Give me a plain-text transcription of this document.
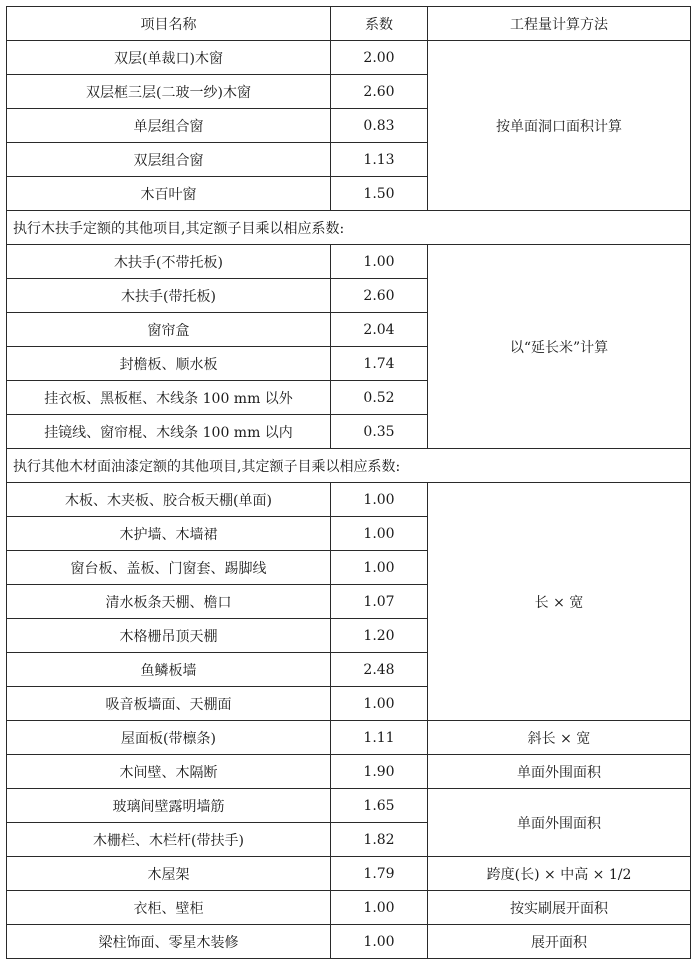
项目名称	系数	工程量计算方法
双层(单裁口)木窗	2.00	按单面洞口面积计算
双层框三层(二玻一纱)木窗	2.60	
单层组合窗	0.83	
双层组合窗	1.13	
木百叶窗	1.50	
执行木扶手定额的其他项目,其定额子目乘以相应系数:		
木扶手(不带托板)	1.00	以“延长米”计算
木扶手(带托板)	2.60	
窗帘盒	2.04	
封檐板、顺水板	1.74	
挂衣板、黑板框、木线条 100 mm 以外	0.52	
挂镜线、窗帘棍、木线条 100 mm 以内	0.35	
执行其他木材面油漆定额的其他项目,其定额子目乘以相应系数:		
木板、木夹板、胶合板天棚(单面)	1.00	长 × 宽
木护墙、木墙裙	1.00	
窗台板、盖板、门窗套、踢脚线	1.00	
清水板条天棚、檐口	1.07	
木格栅吊顶天棚	1.20	
鱼鳞板墙	2.48	
吸音板墙面、天棚面	1.00	
屋面板(带檩条)	1.11	斜长 × 宽
木间壁、木隔断	1.90	单面外围面积
玻璃间壁露明墙筋	1.65	单面外围面积
木栅栏、木栏杆(带扶手)	1.82	
木屋架	1.79	跨度(长) × 中高 × 1/2
衣柜、壁柜	1.00	按实刷展开面积
梁柱饰面、零星木装修	1.00	展开面积
